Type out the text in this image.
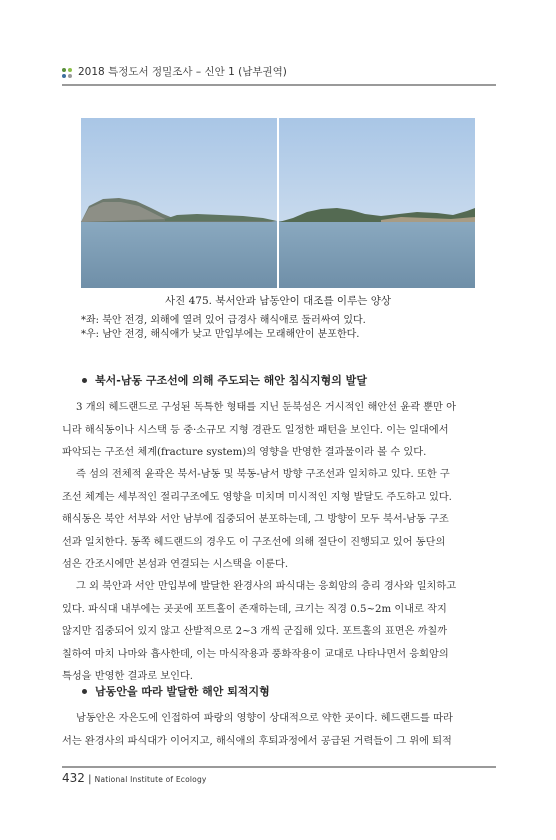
2018 특정도서 정밀조사 – 신안 1 (남부권역)
사진 475. 북서안과 남동안이 대조를 이루는 양상
*좌: 북안 전경, 외해에 열려 있어 급경사 해식애로 둘러싸여 있다.
*우: 남안 전경, 해식애가 낮고 만입부에는 모래해안이 분포한다.
북서-남동 구조선에 의해 주도되는 해안 침식지형의 발달
3 개의 헤드랜드로 구성된 독특한 형태를 지닌 둔북섬은 거시적인 해안선 윤곽 뿐만 아
니라 해식동이나 시스택 등 중·소규모 지형 경관도 일정한 패턴을 보인다. 이는 일대에서
파악되는 구조선 체계(fracture system)의 영향을 반영한 결과물이라 볼 수 있다.
즉 섬의 전체적 윤곽은 북서-남동 및 북동-남서 방향 구조선과 일치하고 있다. 또한 구
조선 체계는 세부적인 절리구조에도 영향을 미치며 미시적인 지형 발달도 주도하고 있다.
해식동은 북안 서부와 서안 남부에 집중되어 분포하는데, 그 방향이 모두 북서-남동 구조
선과 일치한다. 동쪽 헤드랜드의 경우도 이 구조선에 의해 절단이 진행되고 있어 동단의
섬은 간조시에만 본섬과 연결되는 시스택을 이룬다.
그 외 북안과 서안 만입부에 발달한 완경사의 파식대는 응회암의 층리 경사와 일치하고
있다. 파식대 내부에는 곳곳에 포트홀이 존재하는데, 크기는 직경 0.5~2m 이내로 작지
않지만 집중되어 있지 않고 산발적으로 2~3 개씩 군집해 있다. 포트홀의 표면은 까칠까
칠하여 마치 나마와 흡사한데, 이는 마식작용과 풍화작용이 교대로 나타나면서 응회암의
특성을 반영한 결과로 보인다.
남동안을 따라 발달한 해안 퇴적지형
남동안은 자은도에 인접하여 파랑의 영향이 상대적으로 약한 곳이다. 헤드랜드를 따라
서는 완경사의 파식대가 이어지고, 해식애의 후퇴과정에서 공급된 거력들이 그 위에 퇴적
432 | National Institute of Ecology
